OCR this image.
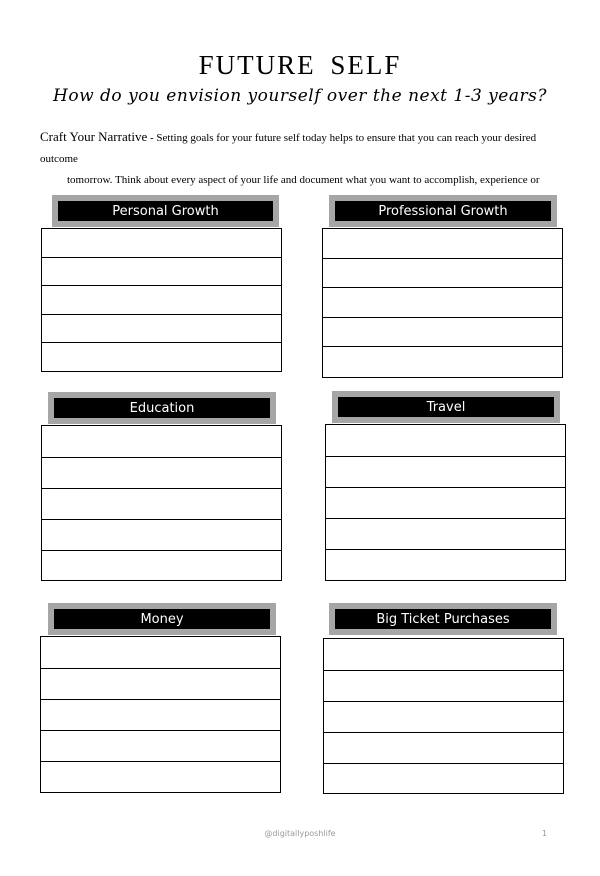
FUTURE SELF
How do you envision yourself over the next 1-3 years?
Craft Your Narrative - Setting goals for your future self today helps to ensure that you can reach your desired outcome
tomorrow. Think about every aspect of your life and document what you want to accomplish, experience or
Personal Growth	Professional Growth
Education	Travel
Money	Big Ticket Purchases
@digitallyposhlife	1
